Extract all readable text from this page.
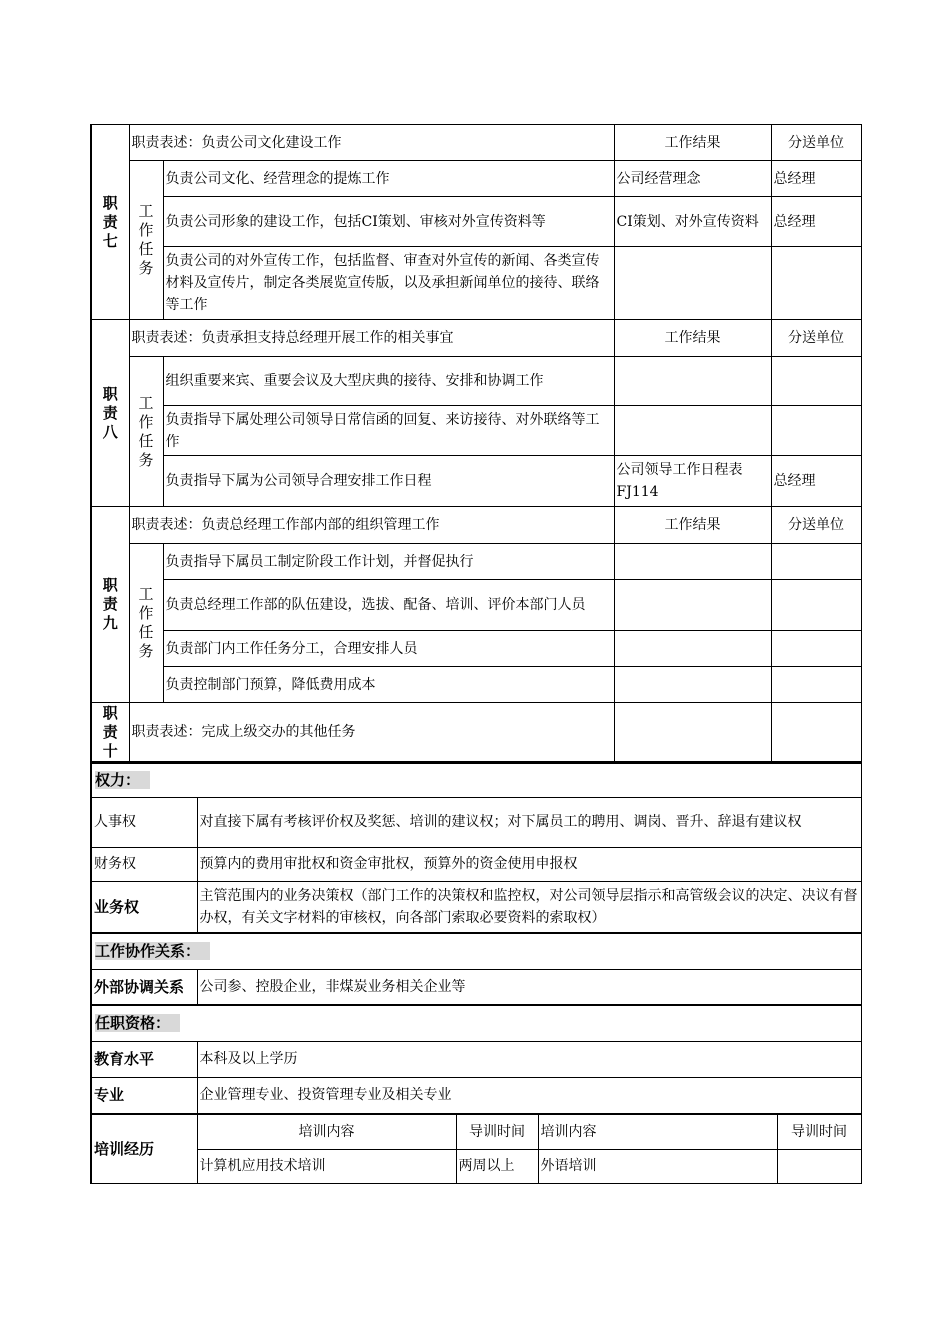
职
责
七	职责表述：负责公司文化建设工作		工作结果	分送单位

	工
作
任
务	负责公司文化、经营理念的提炼工作	公司经营理念	总经理
		负责公司形象的建设工作，包括CI策划、审核对外宣传资料等	CI策划、对外宣传资料	总经理
		负责公司的对外宣传工作，包括监督、审查对外宣传的新闻、各类宣传材料及宣传片，制定各类展览宣传版，以及承担新闻单位的接待、联络等工作		

职
责
八	职责表述：负责承担支持总经理开展工作的相关事宜		工作结果	分送单位

	工
作
任
务	组织重要来宾、重要会议及大型庆典的接待、安排和协调工作		
		负责指导下属处理公司领导日常信函的回复、来访接待、对外联络等工作		
		负责指导下属为公司领导合理安排工作日程	公司领导工作日程表FJ114	总经理

职
责
九	职责表述：负责总经理工作部内部的组织管理工作		工作结果	分送单位

	工
作
任
务	负责指导下属员工制定阶段工作计划，并督促执行		
		负责总经理工作部的队伍建设，选拔、配备、培训、评价本部门人员		
		负责部门内工作任务分工，合理安排人员		
		负责控制部门预算，降低费用成本		

职
责
十	职责表述：完成上级交办的其他任务			
权力：	
人事权	对直接下属有考核评价权及奖惩、培训的建议权；对下属员工的聘用、调岗、晋升、辞退有建议权
财务权	预算内的费用审批权和资金审批权，预算外的资金使用申报权
业务权	主管范围内的业务决策权（部门工作的决策权和监控权，对公司领导层指示和高管级会议的决定、决议有督办权，有关文字材料的审核权，向各部门索取必要资料的索取权）
工作协作关系：	
外部协调关系	公司参、控股企业，非煤炭业务相关企业等
任职资格：	
教育水平	本科及以上学历
专业	企业管理专业、投资管理专业及相关专业
培训经历	培训内容	导训时间	培训内容	导训时间
	计算机应用技术培训	两周以上	外语培训	
